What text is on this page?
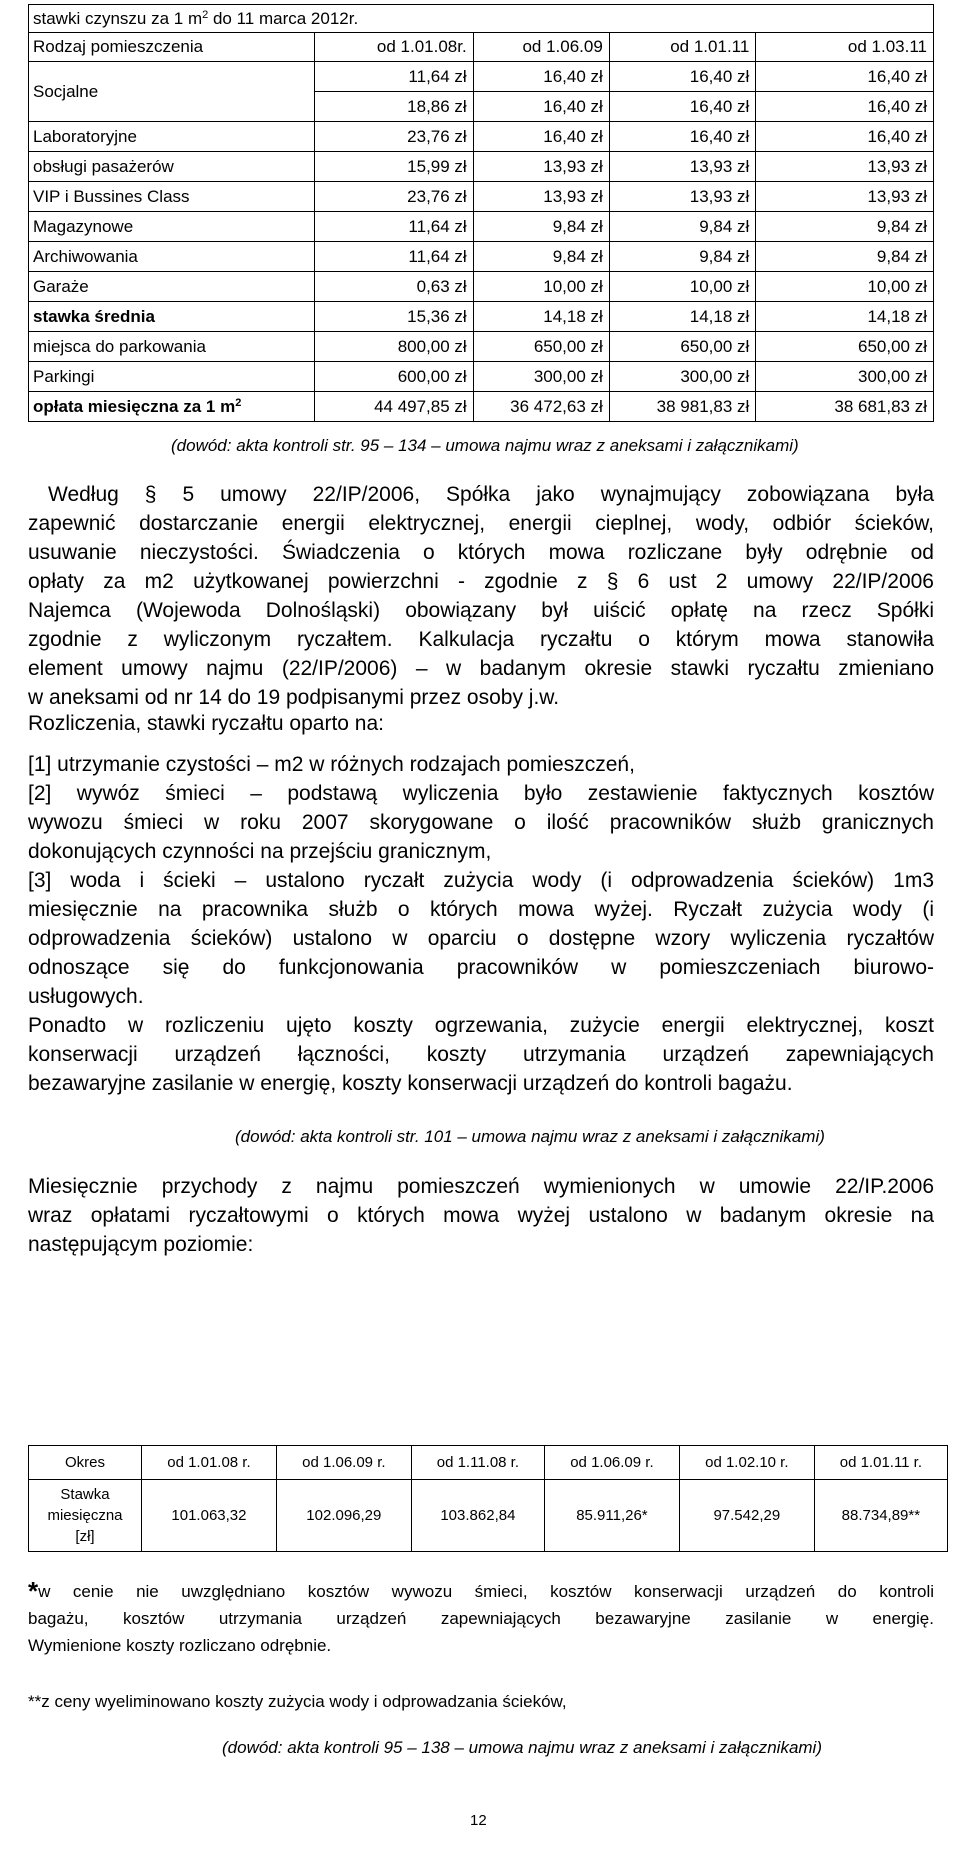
stawki czynszu za 1 $m^2$ do 11 marca 2012r.				
Rodzaj pomieszczenia	od 1.01.08r.	od 1.06.09	od 1.01.11	od 1.03.11
Socjalne	11,64 zł	16,40 zł	16,40 zł	16,40 zł
	18,86 zł	16,40 zł	16,40 zł	16,40 zł
Laboratoryjne	23,76 zł	16,40 zł	16,40 zł	16,40 zł
obsługi pasażerów	15,99 zł	13,93 zł	13,93 zł	13,93 zł
VIP i Bussines Class	23,76 zł	13,93 zł	13,93 zł	13,93 zł
Magazynowe	11,64 zł	9,84 zł	9,84 zł	9,84 zł
Archiwowania	11,64 zł	9,84 zł	9,84 zł	9,84 zł
Garaże	0,63 zł	10,00 zł	10,00 zł	10,00 zł
stawka średnia	15,36 zł	14,18 zł	14,18 zł	14,18 zł
miejsca do parkowania	800,00 zł	650,00 zł	650,00 zł	650,00 zł
Parkingi	600,00 zł	300,00 zł	300,00 zł	300,00 zł
opłata miesięczna za 1 $m^2$	44 497,85 zł	36 472,63 zł	38 981,83 zł	38 681,83 zł
(dowód: akta kontroli str. 95 – 134 – umowa najmu wraz z aneksami i załącznikami)
Według § 5 umowy 22/IP/2006, Spółka jako wynajmujący zobowiązana była
zapewnić dostarczanie energii elektrycznej, energii cieplnej, wody, odbiór ścieków,
usuwanie nieczystości. Świadczenia o których mowa rozliczane były odrębnie od
opłaty za m2 użytkowanej powierzchni - zgodnie z § 6 ust 2 umowy 22/IP/2006
Najemca (Wojewoda Dolnośląski) obowiązany był uiścić opłatę na rzecz Spółki
zgodnie z wyliczonym ryczałtem. Kalkulacja ryczałtu o którym mowa stanowiła
element umowy najmu (22/IP/2006) – w badanym okresie stawki ryczałtu zmieniano
w aneksami od nr 14 do 19 podpisanymi przez osoby j.w.
Rozliczenia, stawki ryczałtu oparto na:
[1] utrzymanie czystości – m2 w różnych rodzajach pomieszczeń,
[2] wywóz śmieci – podstawą wyliczenia było zestawienie faktycznych kosztów
wywozu śmieci w roku 2007 skorygowane o ilość pracowników służb granicznych
dokonujących czynności na przejściu granicznym,
[3] woda i ścieki – ustalono ryczałt zużycia wody (i odprowadzenia ścieków) 1m3
miesięcznie na pracownika służb o których mowa wyżej. Ryczałt zużycia wody (i
odprowadzenia ścieków) ustalono w oparciu o dostępne wzory wyliczenia ryczałtów
odnoszące się do funkcjonowania pracowników w pomieszczeniach biurowo-
usługowych.
Ponadto w rozliczeniu ujęto koszty ogrzewania, zużycie energii elektrycznej, koszt
konserwacji urządzeń łączności, koszty utrzymania urządzeń zapewniających
bezawaryjne zasilanie w energię, koszty konserwacji urządzeń do kontroli bagażu.
(dowód: akta kontroli str. 101 – umowa najmu wraz z aneksami i załącznikami)
Miesięcznie przychody z najmu pomieszczeń wymienionych w umowie 22/IP.2006
wraz opłatami ryczałtowymi o których mowa wyżej ustalono w badanym okresie na
następującym poziomie:
Okres	od 1.01.08 r.	od 1.06.09 r.	od 1.11.08 r.	od 1.06.09 r.	od 1.02.10 r.	od 1.01.11 r.
Stawka
miesięczna
[zł]	101.063,32	102.096,29	103.862,84	85.911,26*	97.542,29	88.734,89**
*w cenie nie uwzględniano kosztów wywozu śmieci, kosztów konserwacji urządzeń do kontroli
bagażu, kosztów utrzymania urządzeń zapewniających bezawaryjne zasilanie w energię.
Wymienione koszty rozliczano odrębnie.
**z ceny wyeliminowano koszty zużycia wody i odprowadzania ścieków,
(dowód: akta kontroli 95 – 138 – umowa najmu wraz z aneksami i załącznikami)
12
